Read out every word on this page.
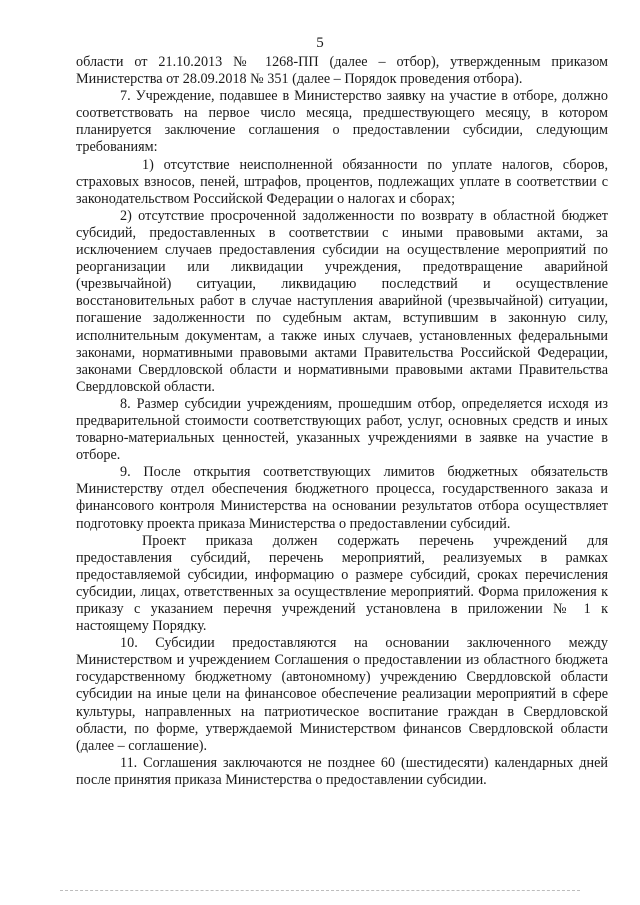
5

области от 21.10.2013 № 1268-ПП (далее – отбор), утвержденным приказом Министерства от 28.09.2018 № 351 (далее – Порядок проведения отбора).

7. Учреждение, подавшее в Министерство заявку на участие в отборе, должно соответствовать на первое число месяца, предшествующего месяцу, в котором планируется заключение соглашения о предоставлении субсидии, следующим требованиям:

1) отсутствие неисполненной обязанности по уплате налогов, сборов, страховых взносов, пеней, штрафов, процентов, подлежащих уплате в соответствии с законодательством Российской Федерации о налогах и сборах;

2) отсутствие просроченной задолженности по возврату в областной бюджет субсидий, предоставленных в соответствии с иными правовыми актами, за исключением случаев предоставления субсидии на осуществление мероприятий по реорганизации или ликвидации учреждения, предотвращение аварийной (чрезвычайной) ситуации, ликвидацию последствий и осуществление восстановительных работ в случае наступления аварийной (чрезвычайной) ситуации, погашение задолженности по судебным актам, вступившим в законную силу, исполнительным документам, а также иных случаев, установленных федеральными законами, нормативными правовыми актами Правительства Российской Федерации, законами Свердловской области и нормативными правовыми актами Правительства Свердловской области.

8. Размер субсидии учреждениям, прошедшим отбор, определяется исходя из предварительной стоимости соответствующих работ, услуг, основных средств и иных товарно-материальных ценностей, указанных учреждениями в заявке на участие в отборе.

9. После открытия соответствующих лимитов бюджетных обязательств Министерству отдел обеспечения бюджетного процесса, государственного заказа и финансового контроля Министерства на основании результатов отбора осуществляет подготовку проекта приказа Министерства о предоставлении субсидий.

Проект приказа должен содержать перечень учреждений для предоставления субсидий, перечень мероприятий, реализуемых в рамках предоставляемой субсидии, информацию о размере субсидий, сроках перечисления субсидии, лицах, ответственных за осуществление мероприятий. Форма приложения к приказу с указанием перечня учреждений установлена в приложении № 1 к настоящему Порядку.

10. Субсидии предоставляются на основании заключенного между Министерством и учреждением Соглашения о предоставлении из областного бюджета государственному бюджетному (автономному) учреждению Свердловской области субсидии на иные цели на финансовое обеспечение реализации мероприятий в сфере культуры, направленных на патриотическое воспитание граждан в Свердловской области, по форме, утверждаемой Министерством финансов Свердловской области (далее – соглашение).

11. Соглашения заключаются не позднее 60 (шестидесяти) календарных дней после принятия приказа Министерства о предоставлении субсидии.
